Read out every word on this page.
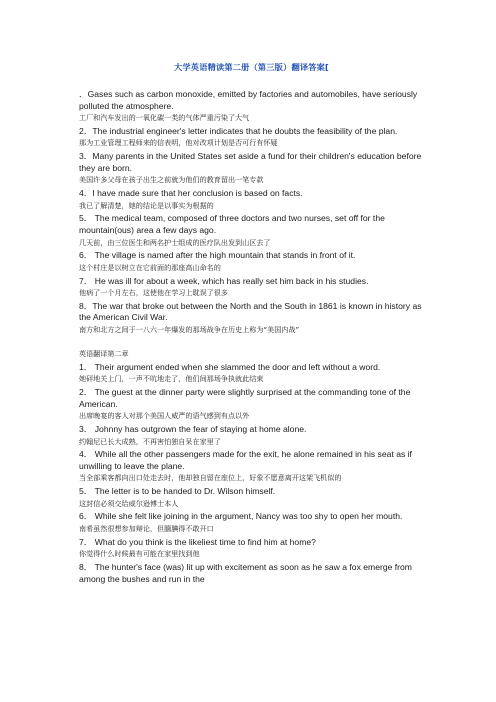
大学英语精读第二册（第三版）翻译答案[

．Gases such as carbon monoxide, emitted by factories and automobiles, have seriously polluted the atmosphere.

工厂和汽车发出的一氧化碳一类的气体严重污染了大气

2．The industrial engineer's letter indicates that he doubts the feasibility of the plan.

那为工业管理工程师来的信表明，他对改项计划是否可行有怀疑

3．Many parents in the United States set aside a fund for their children's education before they are born.

美国许多父母在孩子出生之前就为他们的教育留出一笔专款

4．I have made sure that her conclusion is based on facts.

我已了解清楚，她的结论是以事实为根据的

5． The medical team, composed of three doctors and two nurses, set off for the mountain(ous) area a few days ago.

几天前，由三位医生和两名护士组成的医疗队出发到山区去了

6． The village is named after the high mountain that stands in front of it.

这个村庄是以树立在它前面的那座高山命名的

7． He was ill for about a week, which has really set him back in his studies.

他病了一个月左右，这使他在学习上耽误了很多

8．The war that broke out between the North and the South in 1861 is known in history as the American Civil War.

南方和北方之间于一八六一年爆发的那场战争在历史上称为“美国内战”

英语翻译第二章

1． Their argument ended when she slammed the door and left without a word.

她砰地关上门，一声不吭地走了，他们间那场争执就此结束

2． The guest at the dinner party were slightly surprised at the commanding tone of the American.

出席晚宴的客人对那个美国人威严的语气感到有点以外

3． Johnny has outgrown the fear of staying at home alone.

约翰尼已长大成熟，不再害怕独自呆在家里了

4． While all the other passengers made for the exit, he alone remained in his seat as if unwilling to leave the plane.

当全部乘客都向出口处走去时，他却独自留在座位上，好象不愿意离开这架飞机似的

5． The letter is to be handed to Dr. Wilson himself.

这封信必须交给威尔逊博士本人

6． While she felt like joining in the argument, Nancy was too shy to open her mouth.

南希虽然很想参加辩论，但腼腆得不敢开口

7． What do you think is the likeliest time to find him at home?

你觉得什么时候最有可能在家里找到他

8． The hunter's face (was) lit up with excitement as soon as he saw a fox emerge from among the bushes and run in the
